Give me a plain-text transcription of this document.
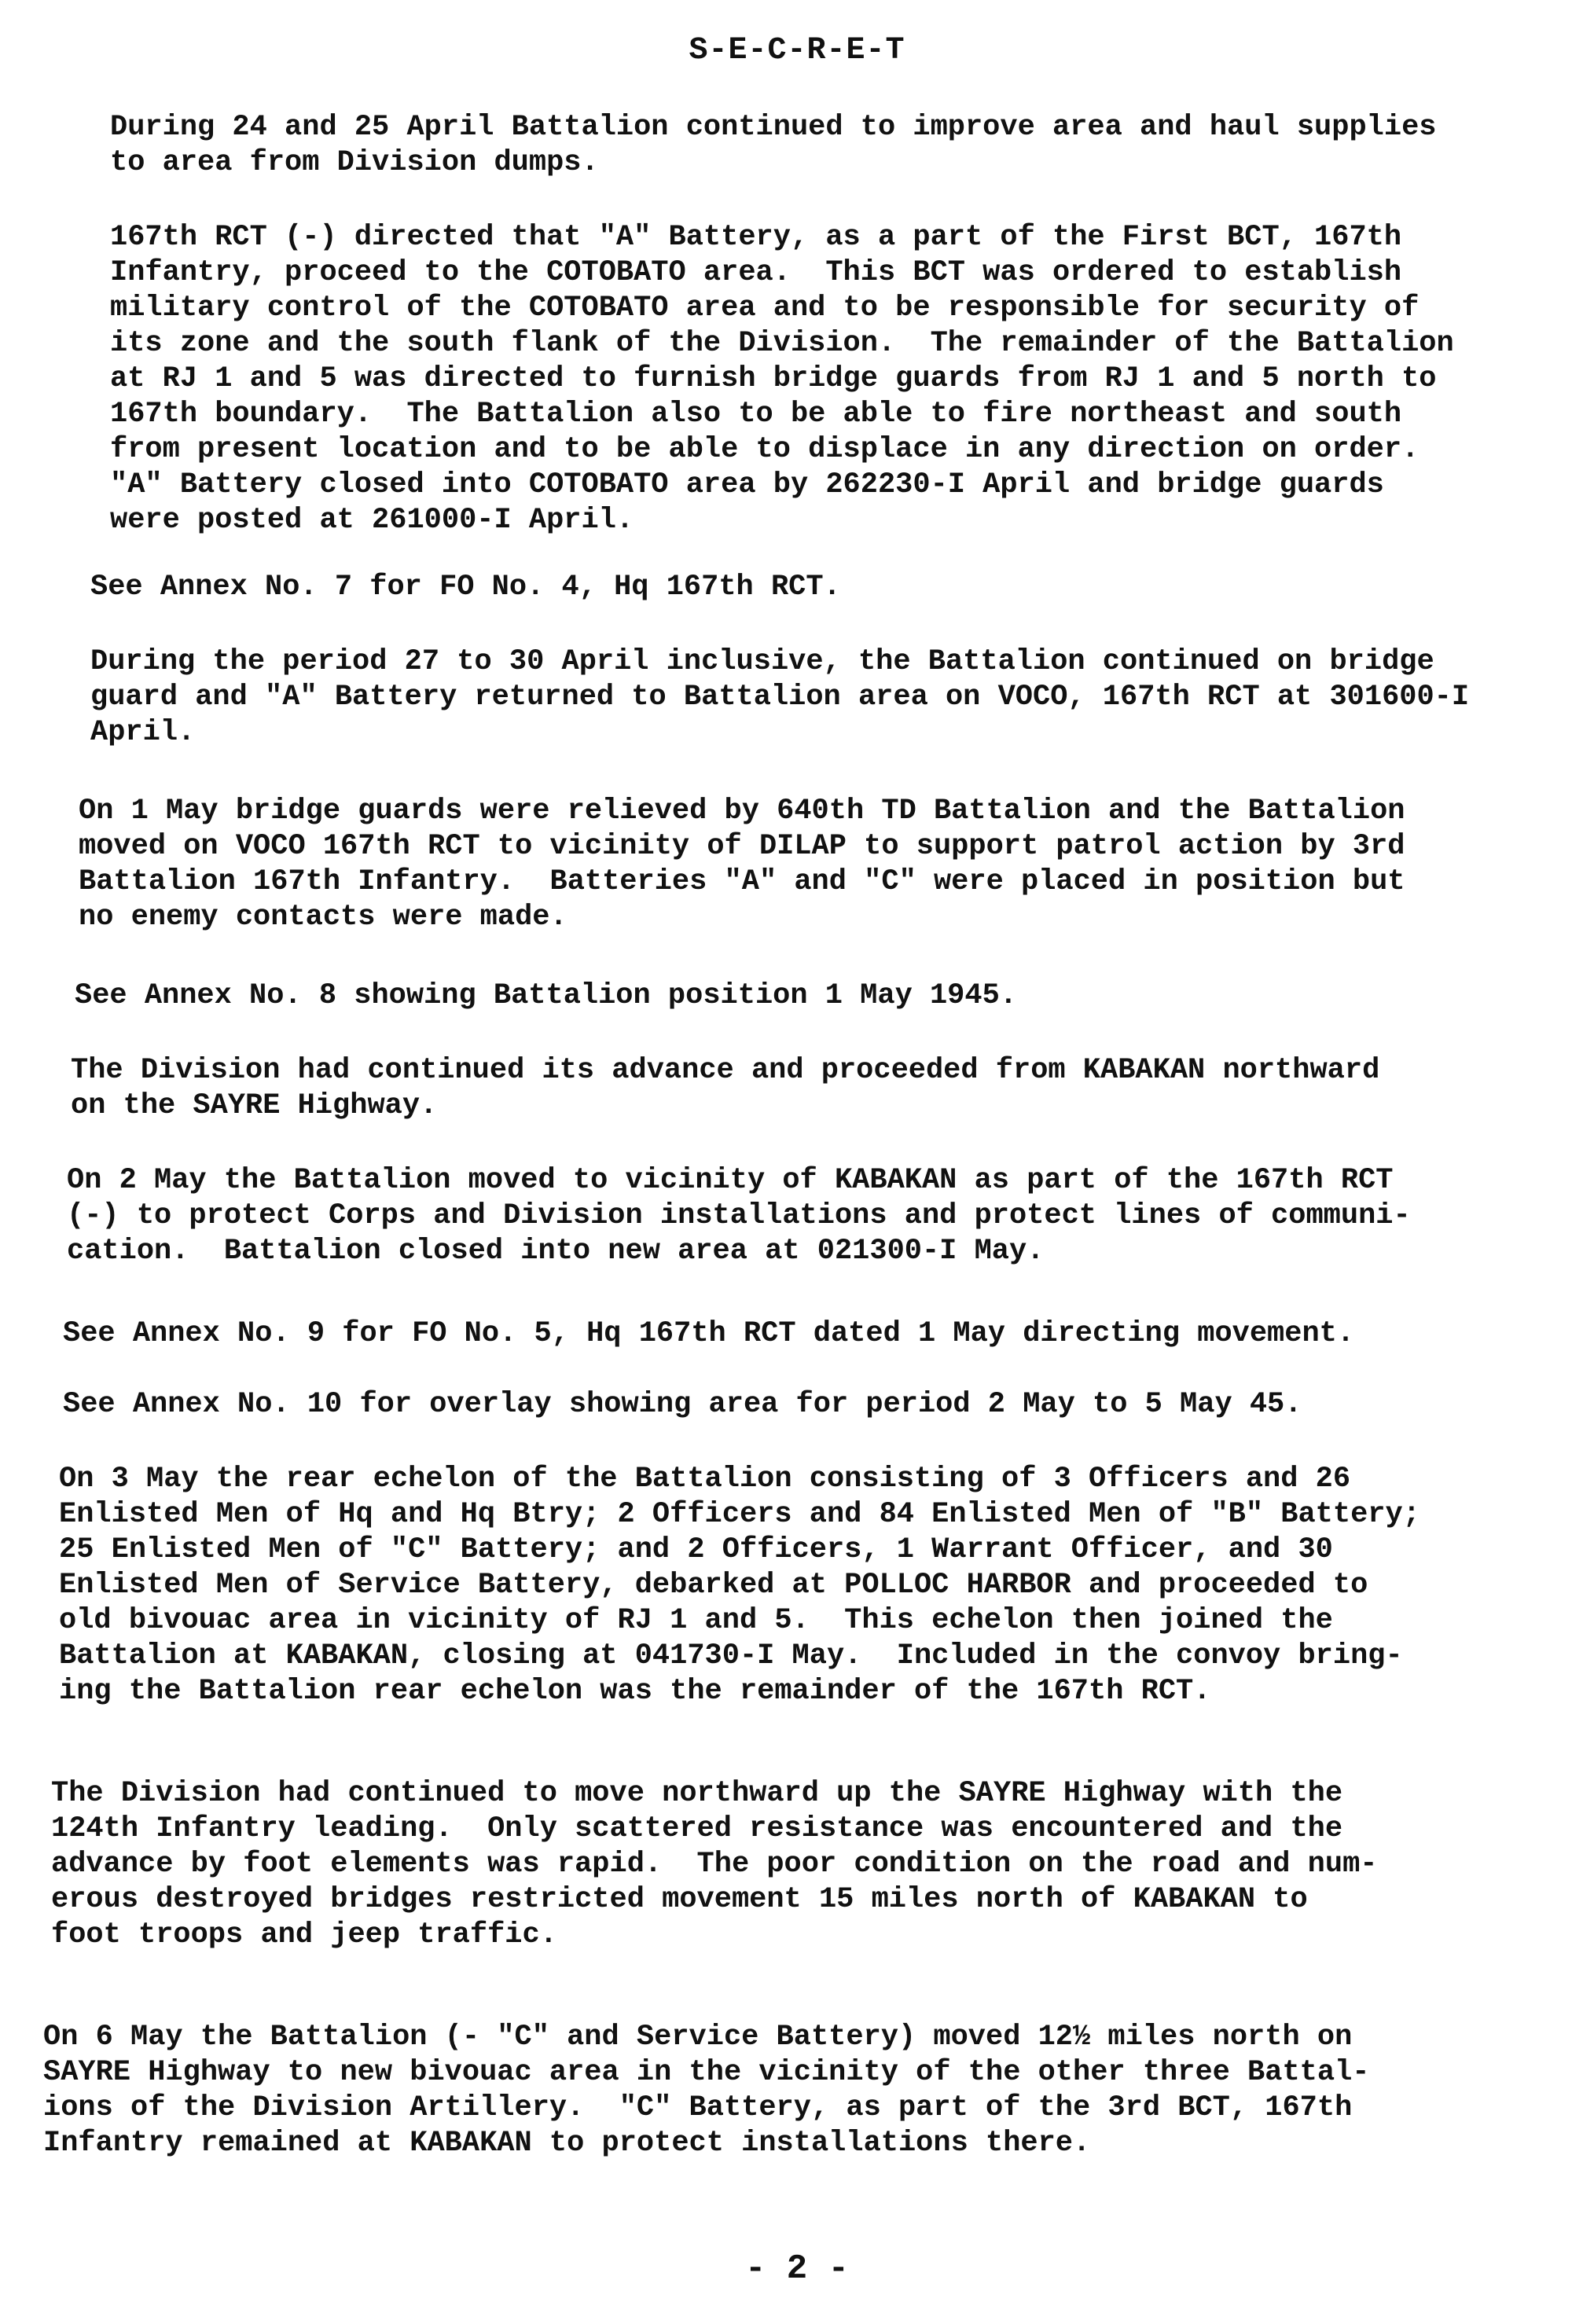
S-E-C-R-E-T

During 24 and 25 April Battalion continued to improve area and haul supplies
to area from Division dumps.

167th RCT (-) directed that "A" Battery, as a part of the First BCT, 167th
Infantry, proceed to the COTOBATO area.  This BCT was ordered to establish
military control of the COTOBATO area and to be responsible for security of
its zone and the south flank of the Division.  The remainder of the Battalion
at RJ 1 and 5 was directed to furnish bridge guards from RJ 1 and 5 north to
167th boundary.  The Battalion also to be able to fire northeast and south
from present location and to be able to displace in any direction on order.
"A" Battery closed into COTOBATO area by 262230-I April and bridge guards
were posted at 261000-I April.

See Annex No. 7 for FO No. 4, Hq 167th RCT.

During the period 27 to 30 April inclusive, the Battalion continued on bridge
guard and "A" Battery returned to Battalion area on VOCO, 167th RCT at 301600-I
April.

On 1 May bridge guards were relieved by 640th TD Battalion and the Battalion
moved on VOCO 167th RCT to vicinity of DILAP to support patrol action by 3rd
Battalion 167th Infantry.  Batteries "A" and "C" were placed in position but
no enemy contacts were made.

See Annex No. 8 showing Battalion position 1 May 1945.

The Division had continued its advance and proceeded from KABAKAN northward
on the SAYRE Highway.

On 2 May the Battalion moved to vicinity of KABAKAN as part of the 167th RCT
(-) to protect Corps and Division installations and protect lines of communi-
cation.  Battalion closed into new area at 021300-I May.

See Annex No. 9 for FO No. 5, Hq 167th RCT dated 1 May directing movement.

See Annex No. 10 for overlay showing area for period 2 May to 5 May 45.

On 3 May the rear echelon of the Battalion consisting of 3 Officers and 26
Enlisted Men of Hq and Hq Btry; 2 Officers and 84 Enlisted Men of "B" Battery;
25 Enlisted Men of "C" Battery; and 2 Officers, 1 Warrant Officer, and 30
Enlisted Men of Service Battery, debarked at POLLOC HARBOR and proceeded to
old bivouac area in vicinity of RJ 1 and 5.  This echelon then joined the
Battalion at KABAKAN, closing at 041730-I May.  Included in the convoy bring-
ing the Battalion rear echelon was the remainder of the 167th RCT.

The Division had continued to move northward up the SAYRE Highway with the
124th Infantry leading.  Only scattered resistance was encountered and the
advance by foot elements was rapid.  The poor condition on the road and num-
erous destroyed bridges restricted movement 15 miles north of KABAKAN to
foot troops and jeep traffic.

On 6 May the Battalion (- "C" and Service Battery) moved 12½ miles north on
SAYRE Highway to new bivouac area in the vicinity of the other three Battal-
ions of the Division Artillery.  "C" Battery, as part of the 3rd BCT, 167th
Infantry remained at KABAKAN to protect installations there.

- 2 -
